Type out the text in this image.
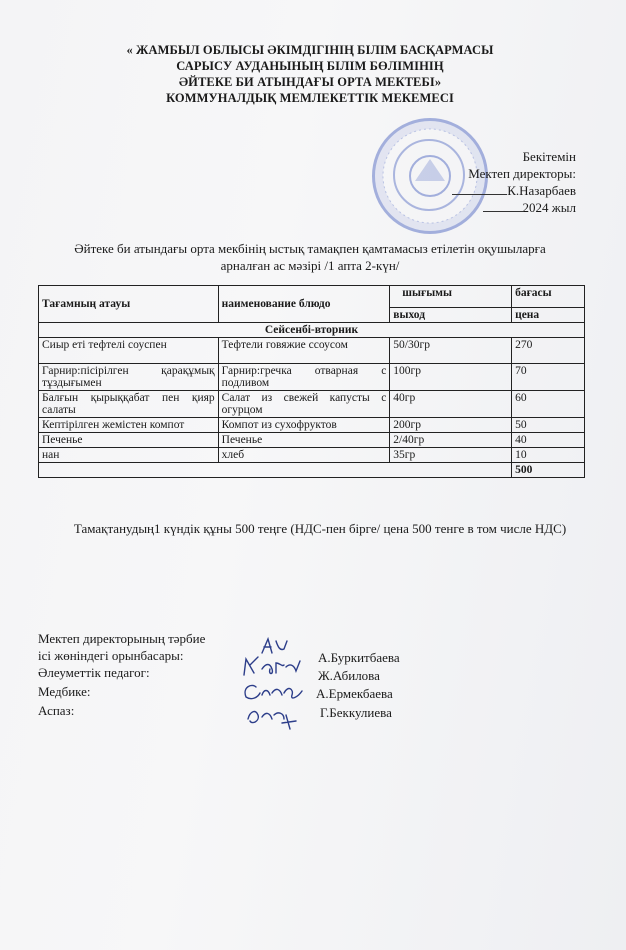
« ЖАМБЫЛ ОБЛЫСЫ ӘКІМДІГІНІҢ БІЛІМ БАСҚАРМАСЫ
САРЫСУ АУДАНЫНЫҢ БІЛІМ БӨЛІМІНІҢ
ӘЙТЕКЕ БИ АТЫНДАҒЫ ОРТА МЕКТЕБІ»
КОММУНАЛДЫҚ МЕМЛЕКЕТТІК МЕКЕМЕСІ
Бекітемін
Мектеп директоры:
К.Назарбаев
2024 жыл
Әйтеке би атындағы орта мекбінің ыстық тамақпен қамтамасыз етілетін оқушыларға
арналған ас мәзірі /1 апта 2-күн/
Тағамның атауы	наименование блюдо	шығымы	бағасы
		выход	цена
Сейсенбі-вторник			
Сиыр еті тефтелі соуспен	Тефтели говяжие ссоусом	50/30гр	270
Гарнир:пісірілген қарақұмық тұздығымен	Гарнир:гречка отварная с подливом	100гр	70
Балғын қырыққабат пен қияр салаты	Салат из свежей капусты с огурцом	40гр	60
Кептірілген жемістен компот	Компот из сухофруктов	200гр	50
Печенье	Печенье	2/40гр	40
нан	хлеб	35гр	10
			500
Тамақтанудың1 күндік құны 500 теңге (НДС-пен бірге/ цена 500 тенге в том числе НДС)
Мектеп директорының тәрбие
ісі жөніндегі орынбасары:
Әлеуметтік педагог:
Медбике:
Аспаз:
А.Буркитбаева
Ж.Абилова
А.Ермекбаева
Г.Беккулиева
